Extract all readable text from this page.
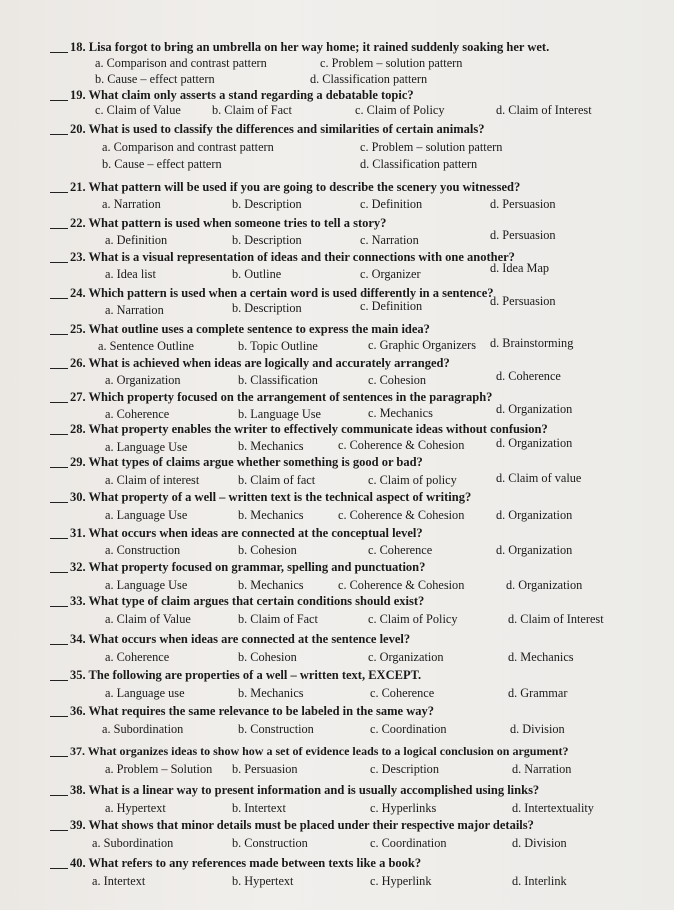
18. Lisa forgot to bring an umbrella on her way home; it rained suddenly soaking her wet.
a. Comparison and contrast pattern	c. Problem – solution pattern
b. Cause – effect pattern	d. Classification pattern
19. What claim only asserts a stand regarding a debatable topic?
c. Claim of Value	b. Claim of Fact	c. Claim of Policy	d. Claim of Interest
20. What is used to classify the differences and similarities of certain animals?
a. Comparison and contrast pattern	c. Problem – solution pattern
b. Cause – effect pattern	d. Classification pattern
21. What pattern will be used if you are going to describe the scenery you witnessed?
a. Narration	b. Description	c. Definition	d. Persuasion
22. What pattern is used when someone tries to tell a story?
a. Definition	b. Description	c. Narration	d. Persuasion
23. What is a visual representation of ideas and their connections with one another?
a. Idea list	b. Outline	c. Organizer	d. Idea Map
24. Which pattern is used when a certain word is used differently in a sentence?
a. Narration	b. Description	c. Definition	d. Persuasion
25. What outline uses a complete sentence to express the main idea?
a. Sentence Outline	b. Topic Outline	c. Graphic Organizers d. Brainstorming
26. What is achieved when ideas are logically and accurately arranged?
a. Organization	b. Classification	c. Cohesion	d. Coherence
27. Which property focused on the arrangement of sentences in the paragraph?
a. Coherence	b. Language Use	c. Mechanics	d. Organization
28. What property enables the writer to effectively communicate ideas without confusion?
a. Language Use	b. Mechanics	c. Coherence & Cohesion	d. Organization
29. What types of claims argue whether something is good or bad?
a. Claim of interest	b. Claim of fact	c. Claim of policy	d. Claim of value
30. What property of a well – written text is the technical aspect of writing?
a. Language Use	b. Mechanics	c. Coherence & Cohesion	d. Organization
31. What occurs when ideas are connected at the conceptual level?
a. Construction	b. Cohesion	c. Coherence	d. Organization
32. What property focused on grammar, spelling and punctuation?
a. Language Use	b. Mechanics	c. Coherence & Cohesion	d. Organization
33. What type of claim argues that certain conditions should exist?
a. Claim of Value	b. Claim of Fact	c. Claim of Policy	d. Claim of Interest
34. What occurs when ideas are connected at the sentence level?
a. Coherence	b. Cohesion	c. Organization	d. Mechanics
35. The following are properties of a well – written text, EXCEPT.
a. Language use	b. Mechanics	c. Coherence	d. Grammar
36. What requires the same relevance to be labeled in the same way?
a. Subordination	b. Construction	c. Coordination	d. Division
37. What organizes ideas to show how a set of evidence leads to a logical conclusion on argument?
a. Problem – Solution b. Persuasion	c. Description	d. Narration
38. What is a linear way to present information and is usually accomplished using links?
a. Hypertext	b. Intertext	c. Hyperlinks	d. Intertextuality
39. What shows that minor details must be placed under their respective major details?
a. Subordination	b. Construction	c. Coordination	d. Division
40. What refers to any references made between texts like a book?
a. Intertext	b. Hypertext	c. Hyperlink	d. Interlink
